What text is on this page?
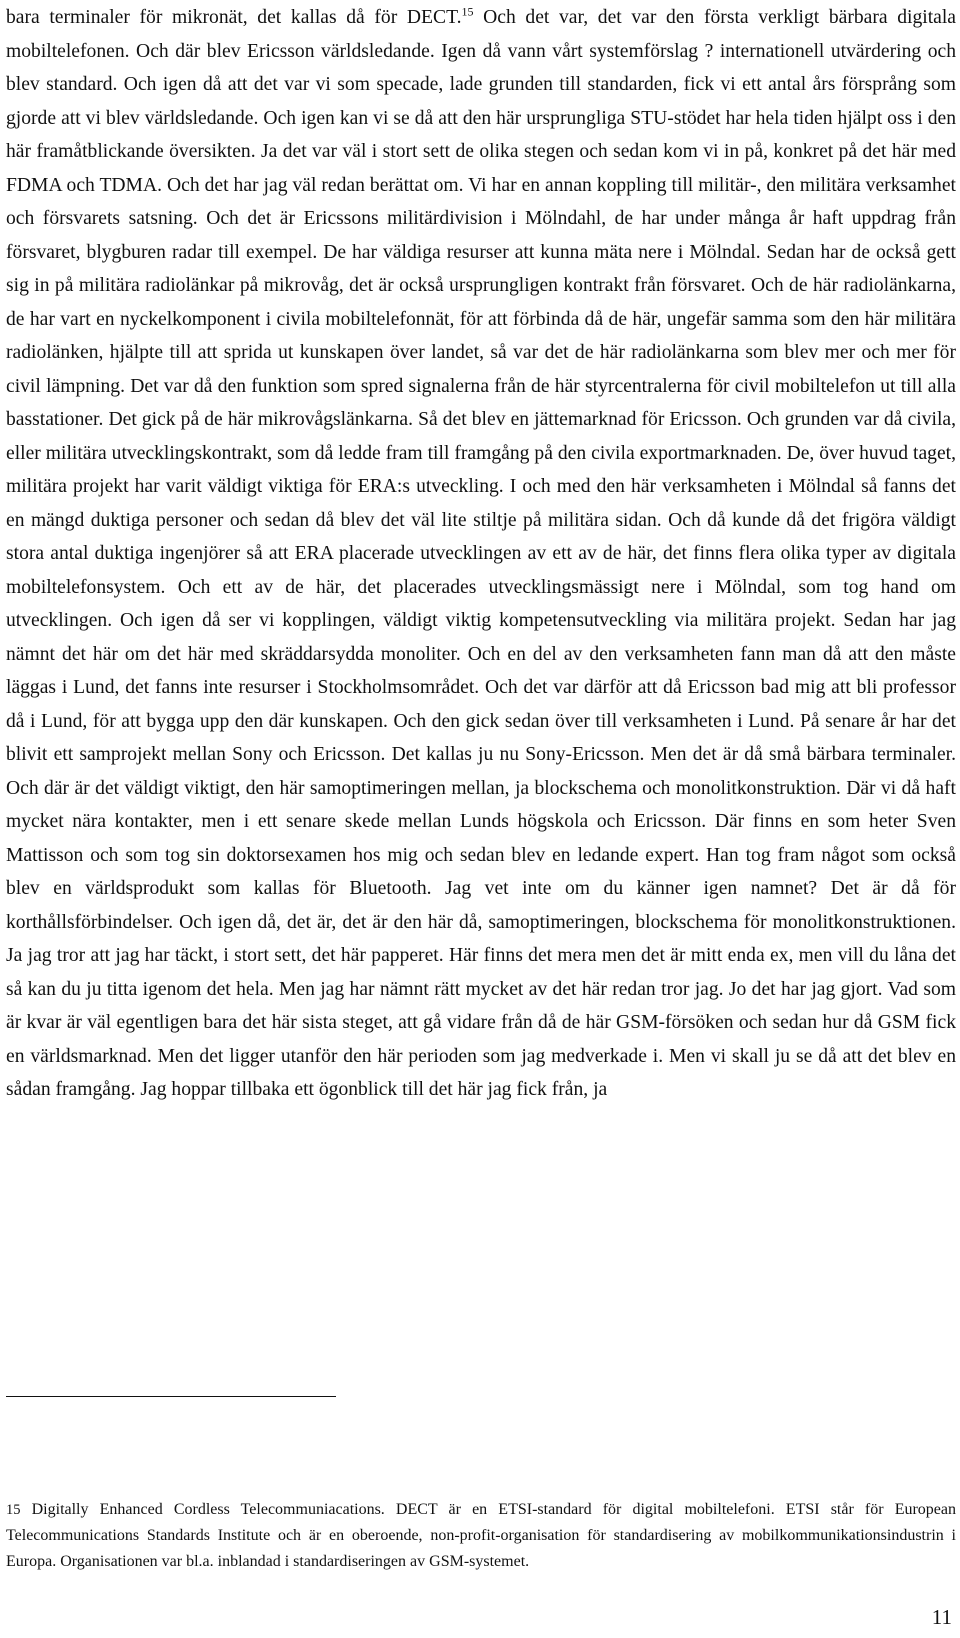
bara terminaler för mikronät, det kallas då för DECT.$^{15}$ Och det var, det var den första verkligt bärbara digitala mobiltelefonen. Och där blev Ericsson världsledande. Igen då vann vårt systemförslag ? internationell utvärdering och blev standard. Och igen då att det var vi som specade, lade grunden till standarden, fick vi ett antal års försprång som gjorde att vi blev världsledande. Och igen kan vi se då att den här ursprungliga STU-stödet har hela tiden hjälpt oss i den här framåtblickande översikten. Ja det var väl i stort sett de olika stegen och sedan kom vi in på, konkret på det här med FDMA och TDMA. Och det har jag väl redan berättat om. Vi har en annan koppling till militär-, den militära verksamhet och försvarets satsning. Och det är Ericssons militärdivision i Mölndahl, de har under många år haft uppdrag från försvaret, blygburen radar till exempel. De har väldiga resurser att kunna mäta nere i Mölndal. Sedan har de också gett sig in på militära radiolänkar på mikrovåg, det är också ursprungligen kontrakt från försvaret. Och de här radiolänkarna, de har vart en nyckelkomponent i civila mobiltelefonnät, för att förbinda då de här, ungefär samma som den här militära radiolänken, hjälpte till att sprida ut kunskapen över landet, så var det de här radiolänkarna som blev mer och mer för civil lämpning. Det var då den funktion som spred signalerna från de här styrcentralerna för civil mobiltelefon ut till alla basstationer. Det gick på de här mikrovågslänkarna. Så det blev en jättemarknad för Ericsson. Och grunden var då civila, eller militära utvecklingskontrakt, som då ledde fram till framgång på den civila exportmarknaden. De, över huvud taget, militära projekt har varit väldigt viktiga för ERA:s utveckling. I och med den här verksamheten i Mölndal så fanns det en mängd duktiga personer och sedan då blev det väl lite stiltje på militära sidan. Och då kunde då det frigöra väldigt stora antal duktiga ingenjörer så att ERA placerade utvecklingen av ett av de här, det finns flera olika typer av digitala mobiltelefonsystem. Och ett av de här, det placerades utvecklingsmässigt nere i Mölndal, som tog hand om utvecklingen. Och igen då ser vi kopplingen, väldigt viktig kompetensutveckling via militära projekt. Sedan har jag nämnt det här om det här med skräddarsydda monoliter. Och en del av den verksamheten fann man då att den måste läggas i Lund, det fanns inte resurser i Stockholmsområdet. Och det var därför att då Ericsson bad mig att bli professor då i Lund, för att bygga upp den där kunskapen. Och den gick sedan över till verksamheten i Lund. På senare år har det blivit ett samprojekt mellan Sony och Ericsson. Det kallas ju nu Sony-Ericsson. Men det är då små bärbara terminaler. Och där är det väldigt viktigt, den här samoptimeringen mellan, ja blockschema och monolitkonstruktion. Där vi då haft mycket nära kontakter, men i ett senare skede mellan Lunds högskola och Ericsson. Där finns en som heter Sven Mattisson och som tog sin doktorsexamen hos mig och sedan blev en ledande expert. Han tog fram något som också blev en världsprodukt som kallas för Bluetooth. Jag vet inte om du känner igen namnet? Det är då för korthållsförbindelser. Och igen då, det är, det är den här då, samoptimeringen, blockschema för monolitkonstruktionen. Ja jag tror att jag har täckt, i stort sett, det här papperet. Här finns det mera men det är mitt enda ex, men vill du låna det så kan du ju titta igenom det hela. Men jag har nämnt rätt mycket av det här redan tror jag. Jo det har jag gjort. Vad som är kvar är väl egentligen bara det här sista steget, att gå vidare från då de här GSM-försöken och sedan hur då GSM fick en världsmarknad. Men det ligger utanför den här perioden som jag medverkade i. Men vi skall ju se då att det blev en sådan framgång. Jag hoppar tillbaka ett ögonblick till det här jag fick från, ja

15 Digitally Enhanced Cordless Telecommuniacations. DECT är en ETSI-standard för digital mobiltelefoni. ETSI står för European Telecommunications Standards Institute och är en oberoende, non-profit-organisation för standardisering av mobilkommunikationsindustrin i Europa. Organisationen var bl.a. inblandad i standardiseringen av GSM-systemet.

11
